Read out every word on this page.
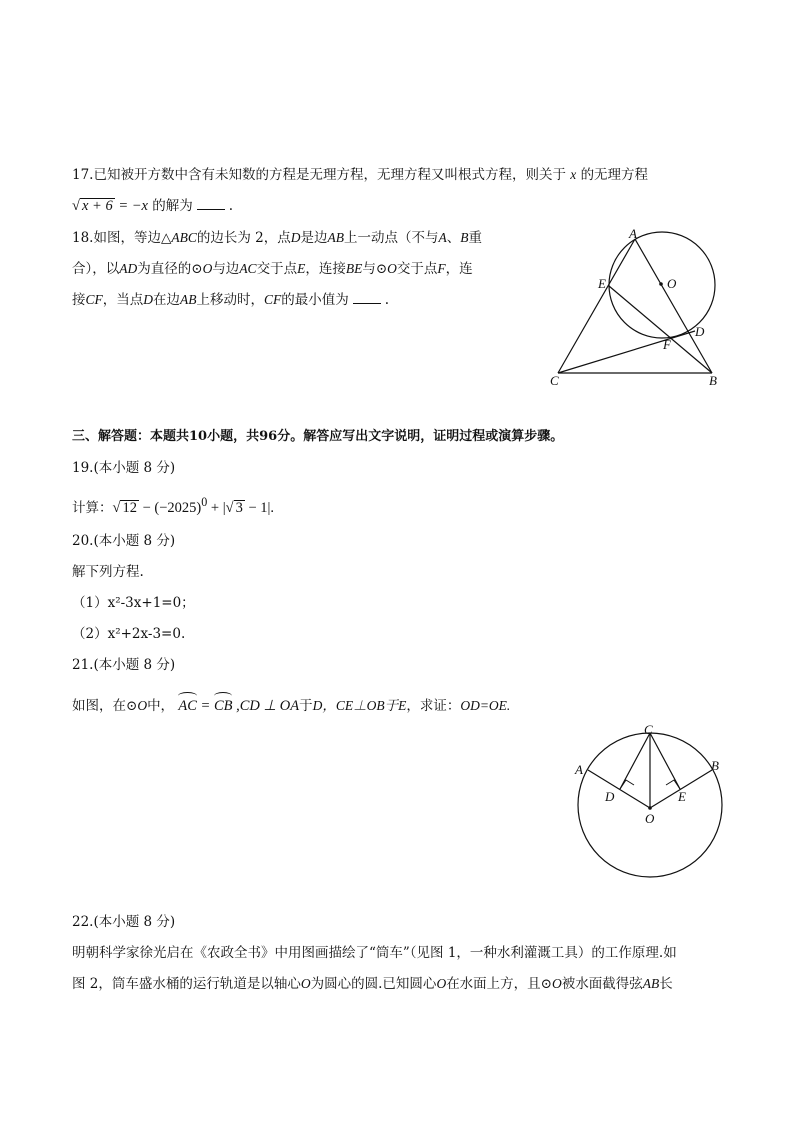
17.已知被开方数中含有未知数的方程是无理方程，无理方程又叫根式方程，则关于 x 的无理方程
√ x + 6 = −x 的解为	.
18.如图，等边△ABC的边长为 2，点D是边AB上一动点（不与A、B重
合），以AD为直径的⊙O与边AC交于点E，连接BE与⊙O交于点F，连
接CF，当点D在边AB上移动时，CF的最小值为	.
A
O
E
D
F
C	B
三、解答题：本题共10小题，共96分。解答应写出文字说明，证明过程或演算步骤。
19.(本小题 8 分)
计算：√ $12 - (-2025)^0$ + |√ 3 − 1|.
20.(本小题 8 分)
解下列方程.
（1）x²-3x+1=0；
（2）x²+2x-3=0.
21.(本小题 8 分)
如图，在⊙O中， AC = CB ,CD ⊥ OA于D，CE⊥OB于E，求证：OD=OE.
C
A	B
D	E
O
22.(本小题 8 分)
明朝科学家徐光启在《农政全书》中用图画描绘了“筒车”（见图 1，一种水利灌溉工具）的工作原理.如
图 2，筒车盛水桶的运行轨道是以轴心O为圆心的圆.已知圆心O在水面上方，且⊙O被水面截得弦AB长
